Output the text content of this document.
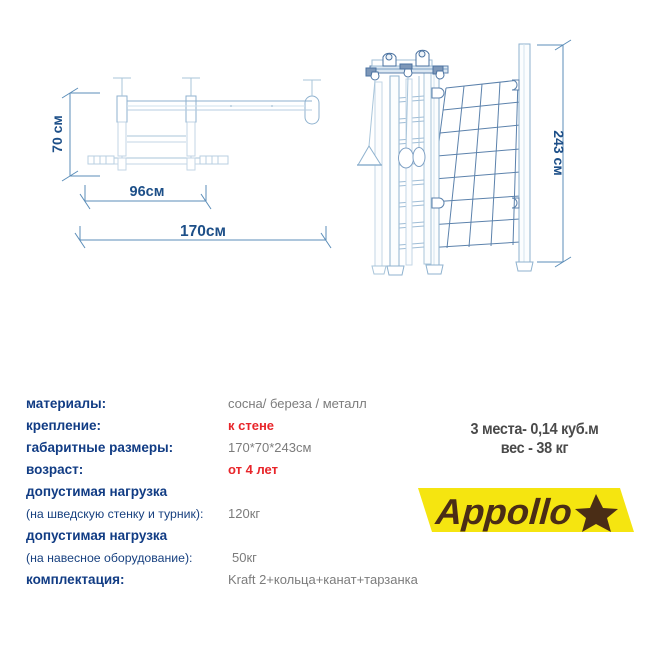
70 см
96см
170см
243 см
материалы:	сосна/ береза / металл
крепление:	к стене
габаритные размеры:	170*70*243см
возраст:	от 4 лет
допустимая нагрузка
(на шведскую стенку и турник):	120кг
допустимая нагрузка
(на навесное оборудование):	50кг
комплектация:	Kraft 2+кольца+канат+тарзанка
3 места- 0,14 куб.м
вес - 38 кг
Appollo
